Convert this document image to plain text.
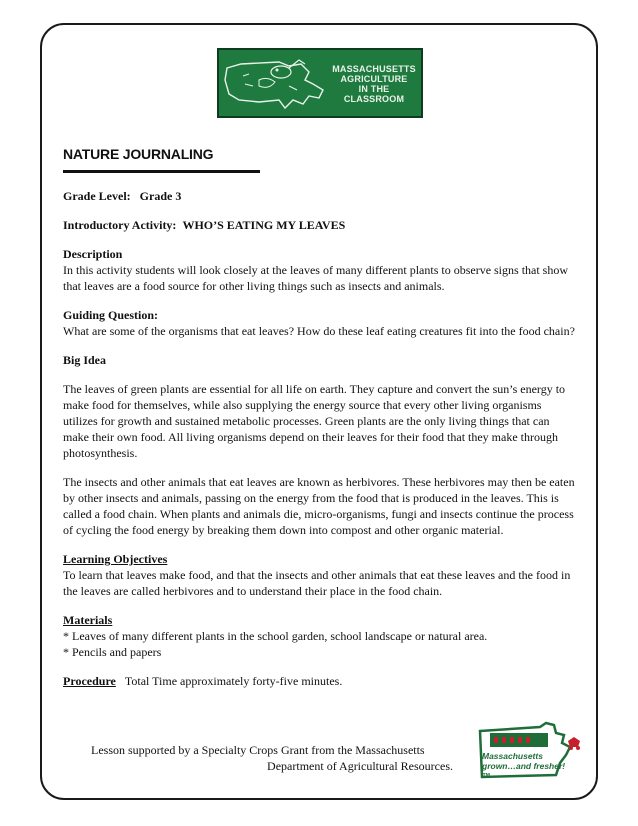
MASSACHUSETTS
AGRICULTURE
IN THE CLASSROOM
NATURE JOURNALING

Grade Level: Grade 3

Introductory Activity: WHO’S EATING MY LEAVES

Description
In this activity students will look closely at the leaves of many different plants to observe signs that show that leaves are a food source for other living things such as insects and animals.

Guiding Question:
What are some of the organisms that eat leaves? How do these leaf eating creatures fit into the food chain?

Big Idea

The leaves of green plants are essential for all life on earth. They capture and convert the sun’s energy to make food for themselves, while also supplying the energy source that every other living organisms utilizes for growth and sustained metabolic processes. Green plants are the only living things that can make their own food. All living organisms depend on their leaves for their food that they make through photosynthesis.

The insects and other animals that eat leaves are known as herbivores. These herbivores may then be eaten by other insects and animals, passing on the energy from the food that is produced in the leaves. This is called a food chain. When plants and animals die, micro-organisms, fungi and insects continue the process of cycling the food energy by breaking them down into compost and other organic material.

Learning Objectives
To learn that leaves make food, and that the insects and other animals that eat these leaves and the food in the leaves are called herbivores and to understand their place in the food chain.

Materials
* Leaves of many different plants in the school garden, school landscape or natural area.
* Pencils and papers

Procedure Total Time approximately forty-five minutes.

Lesson supported by a Specialty Crops Grant from the Massachusetts
Department of Agricultural Resources.
Massachusetts
grown…and fresher!™
